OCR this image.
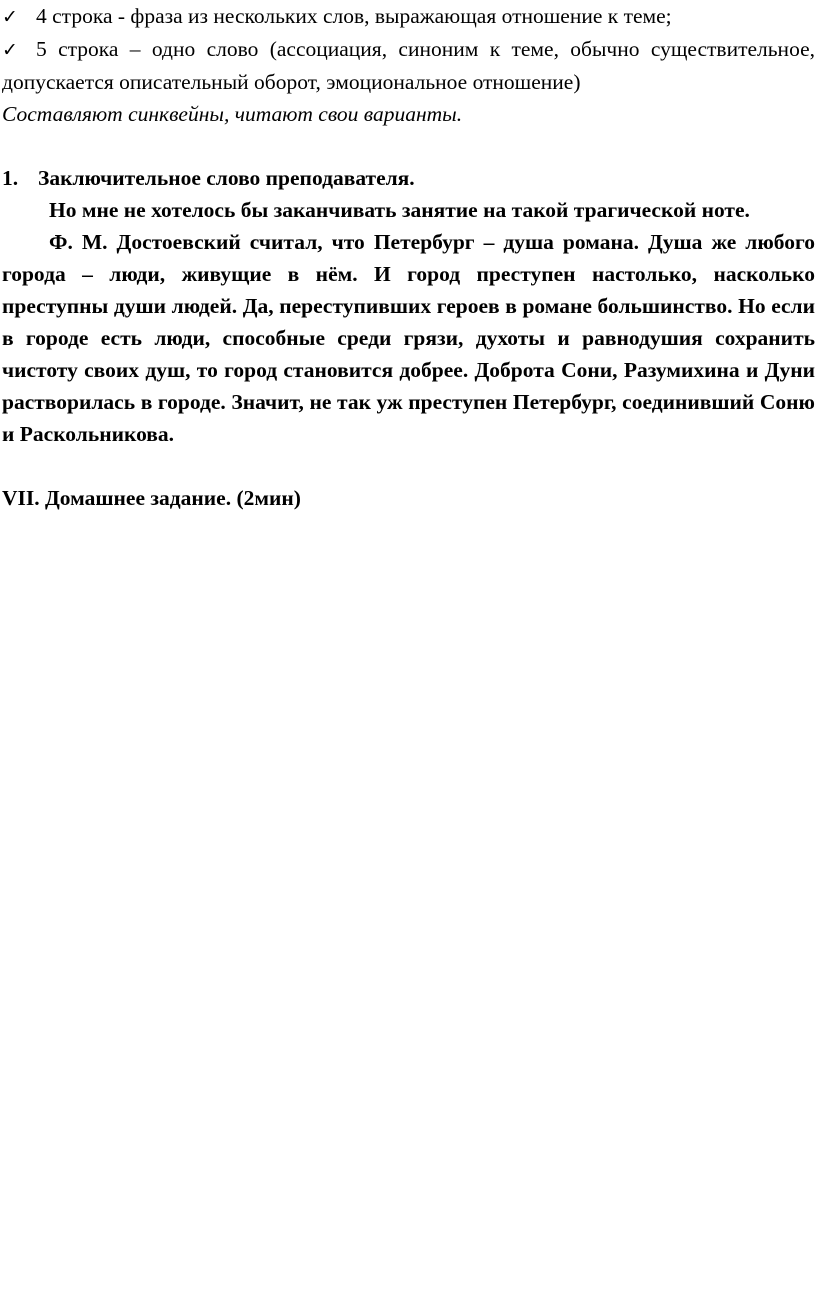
✓ 4 строка - фраза из нескольких слов, выражающая отношение к теме;
✓ 5 строка – одно слово (ассоциация, синоним к теме, обычно существительное, допускается описательный оборот, эмоциональное отношение)
Составляют синквейны, читают свои варианты.
1. Заключительное слово преподавателя.
Но мне не хотелось бы заканчивать занятие на такой трагической ноте.
Ф. М. Достоевский считал, что Петербург – душа романа. Душа же любого города – люди, живущие в нём. И город преступен настолько, насколько преступны души людей. Да, переступивших героев в романе большинство. Но если в городе есть люди, способные среди грязи, духоты и равнодушия сохранить чистоту своих душ, то город становится добрее. Доброта Сони, Разумихина и Дуни растворилась в городе. Значит, не так уж преступен Петербург, соединивший Соню и Раскольникова.
VII. Домашнее задание. (2мин)
